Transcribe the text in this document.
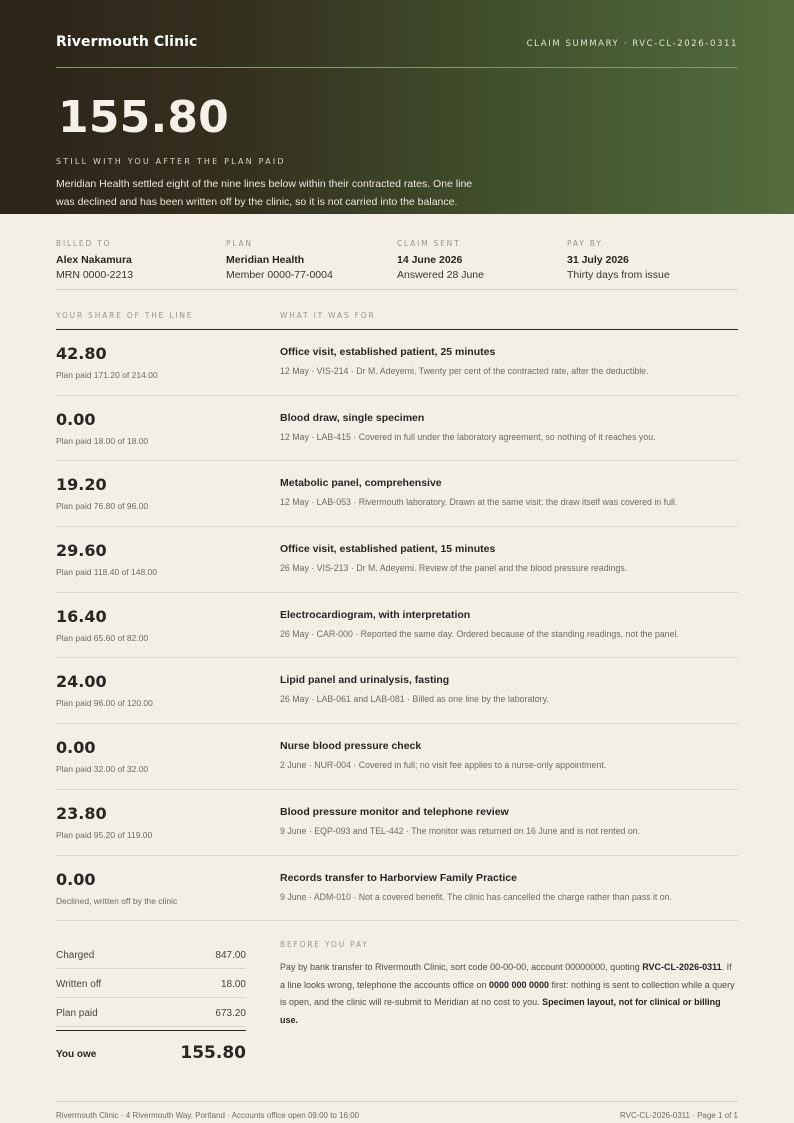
Rivermouth Clinic	CLAIM SUMMARY · RVC-CL-2026-0311
155.80
STILL WITH YOU AFTER THE PLAN PAID
Meridian Health settled eight of the nine lines below within their contracted rates. One line was declined and has been written off by the clinic, so it is not carried into the balance.
BILLED TO
Alex Nakamura
MRN 0000-2213
PLAN
Meridian Health
Member 0000-77-0004
CLAIM SENT
14 June 2026
Answered 28 June
PAY BY
31 July 2026
Thirty days from issue
YOUR SHARE OF THE LINE	WHAT IT WAS FOR
42.80
Plan paid 171.20 of 214.00
Office visit, established patient, 25 minutes
12 May · VIS-214 · Dr M. Adeyemi. Twenty per cent of the contracted rate, after the deductible.
0.00
Plan paid 18.00 of 18.00
Blood draw, single specimen
12 May · LAB-415 · Covered in full under the laboratory agreement, so nothing of it reaches you.
19.20
Plan paid 76.80 of 96.00
Metabolic panel, comprehensive
12 May · LAB-053 · Rivermouth laboratory. Drawn at the same visit; the draw itself was covered in full.
29.60
Plan paid 118.40 of 148.00
Office visit, established patient, 15 minutes
26 May · VIS-213 · Dr M. Adeyemi. Review of the panel and the blood pressure readings.
16.40
Plan paid 65.60 of 82.00
Electrocardiogram, with interpretation
26 May · CAR-000 · Reported the same day. Ordered because of the standing readings, not the panel.
24.00
Plan paid 96.00 of 120.00
Lipid panel and urinalysis, fasting
26 May · LAB-061 and LAB-081 · Billed as one line by the laboratory.
0.00
Plan paid 32.00 of 32.00
Nurse blood pressure check
2 June · NUR-004 · Covered in full; no visit fee applies to a nurse-only appointment.
23.80
Plan paid 95.20 of 119.00
Blood pressure monitor and telephone review
9 June · EQP-093 and TEL-442 · The monitor was returned on 16 June and is not rented on.
0.00
Declined, written off by the clinic
Records transfer to Harborview Family Practice
9 June · ADM-010 · Not a covered benefit. The clinic has cancelled the charge rather than pass it on.
Charged	847.00
Written off	18.00
Plan paid	673.20
You owe	155.80
BEFORE YOU PAY
Pay by bank transfer to Rivermouth Clinic, sort code 00-00-00, account 00000000, quoting RVC-CL-2026-0311. If a line looks wrong, telephone the accounts office on 0000 000 0000 first: nothing is sent to collection while a query is open, and the clinic will re-submit to Meridian at no cost to you. Specimen layout, not for clinical or billing use.
Rivermouth Clinic · 4 Rivermouth Way, Portland · Accounts office open 09:00 to 16:00	RVC-CL-2026-0311 · Page 1 of 1
